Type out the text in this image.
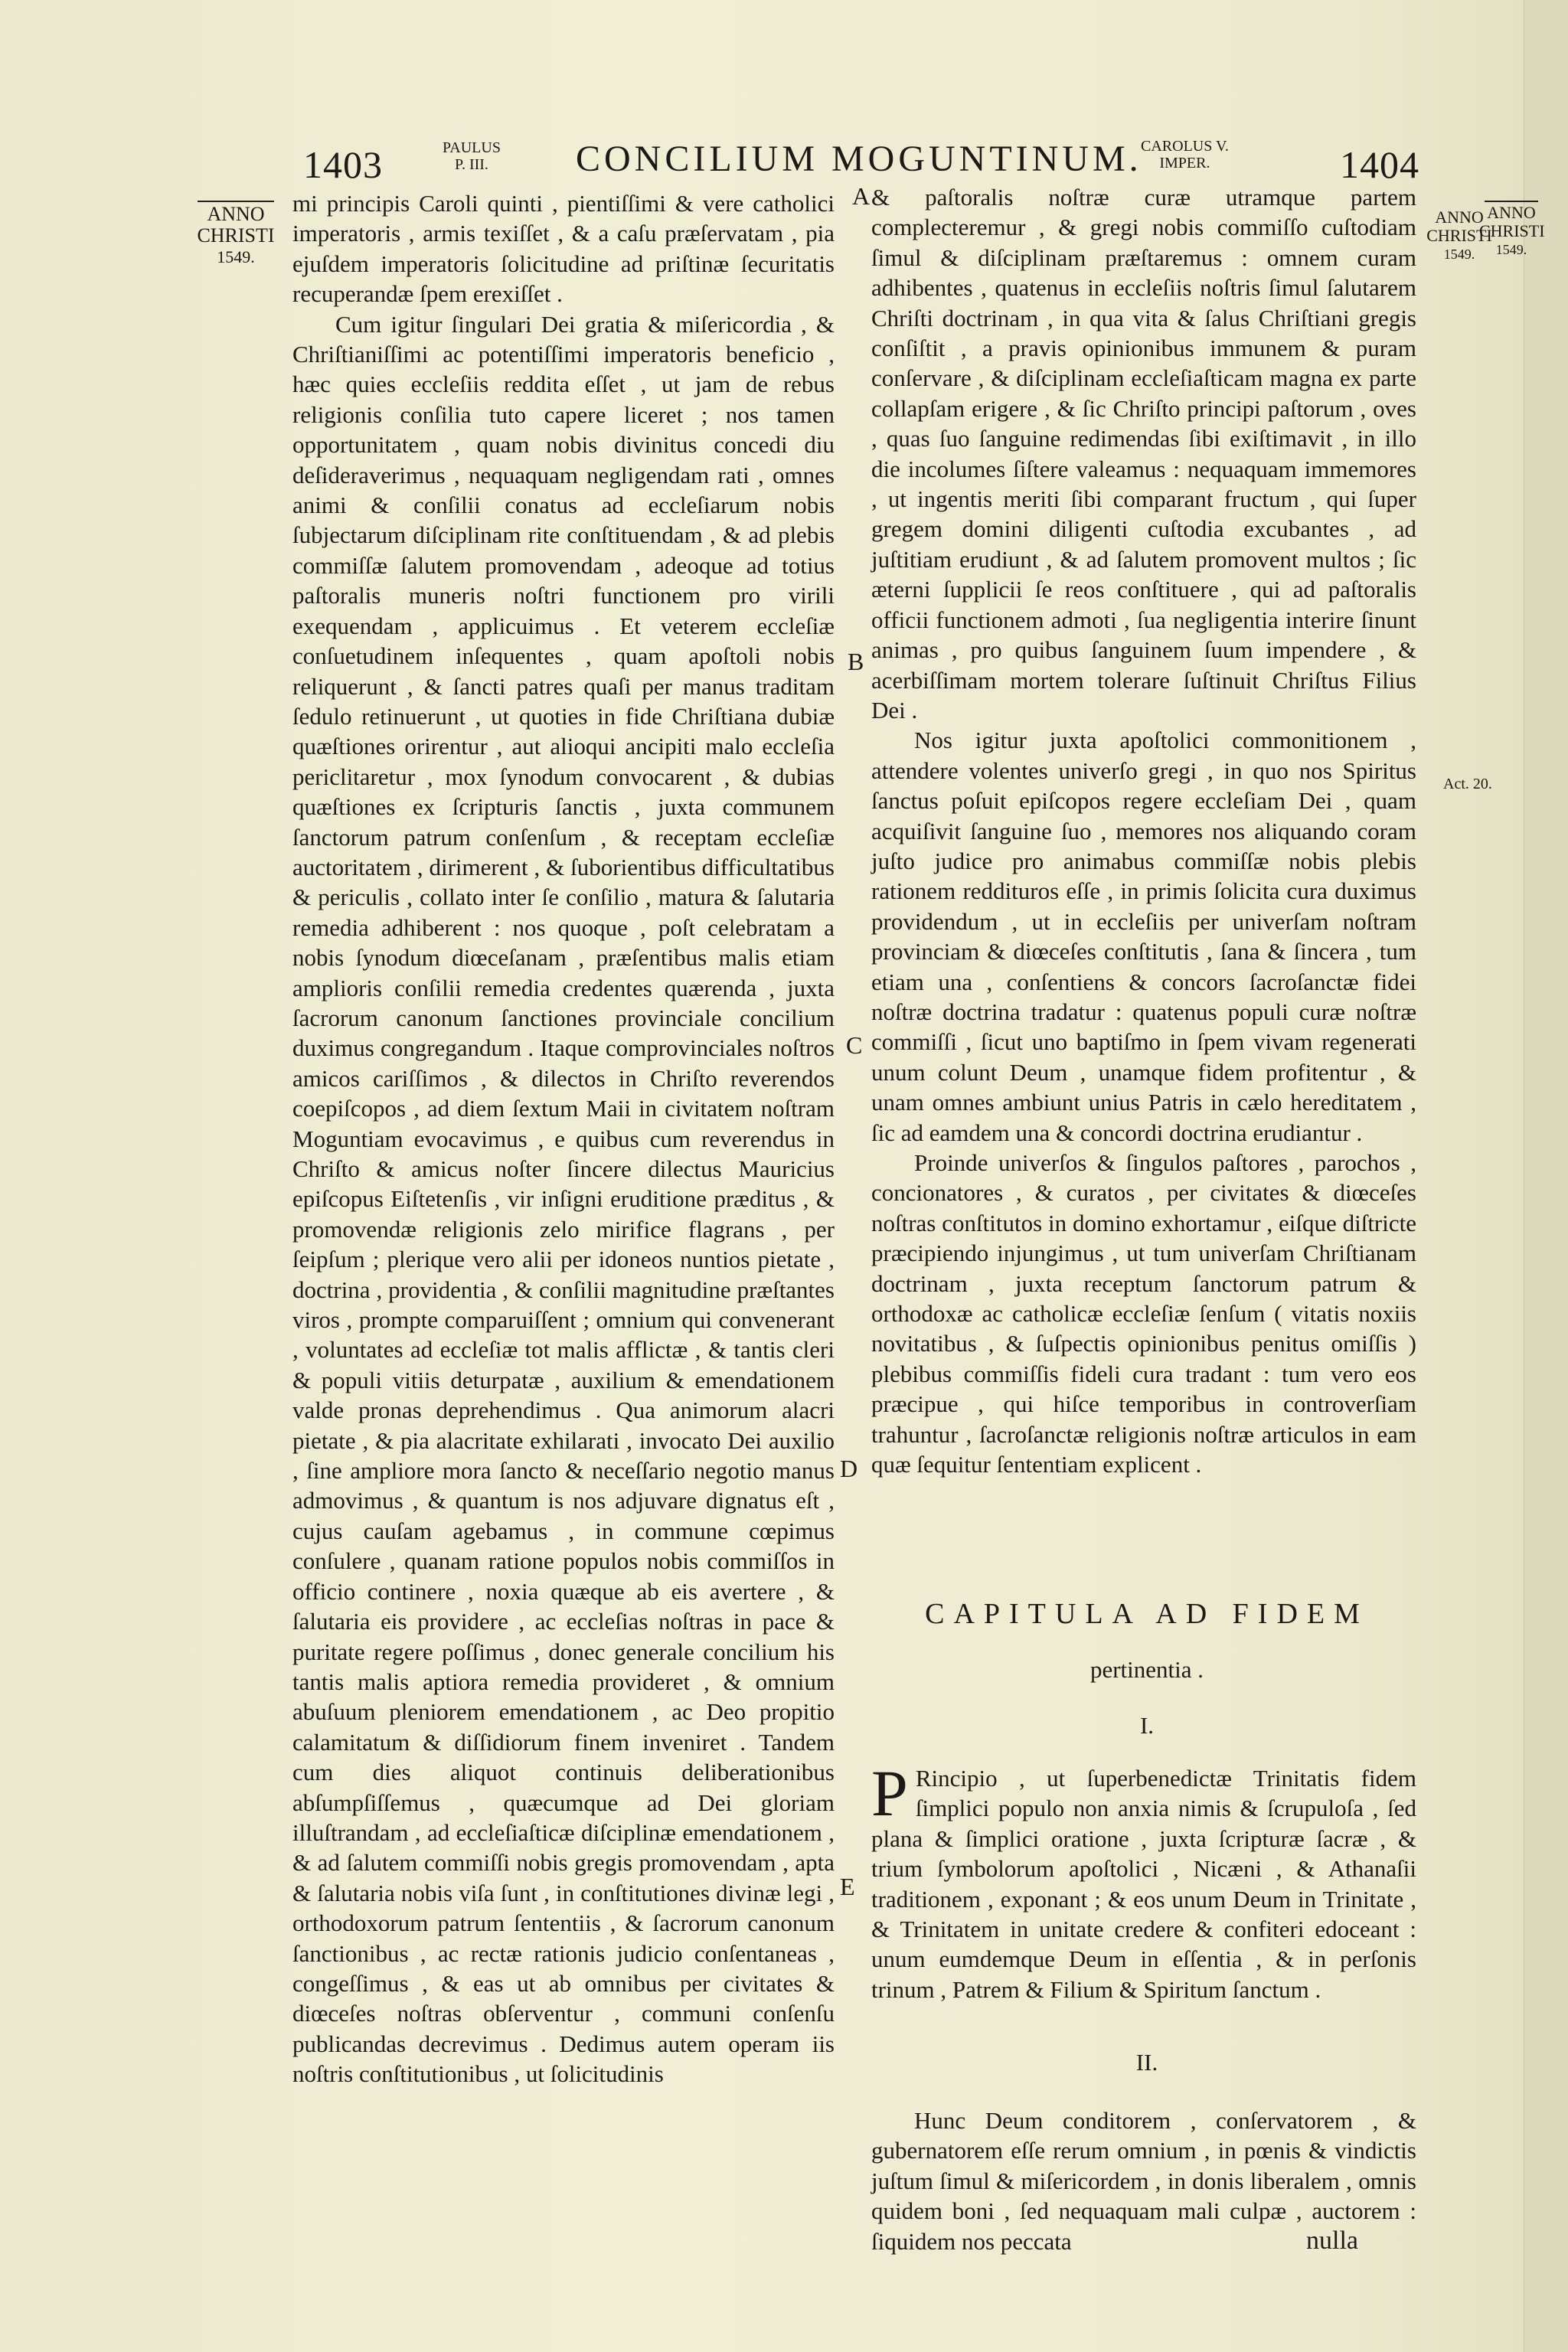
1403	PAULUS
P. III.	CONCILIUM MOGUNTINUM.
CAROLUS V.
IMPER.	1404
ANNO
CHRISTI
1549.
ANNO
CHRISTI
1549.
ANNO
CHRISTI
1549.
Act. 20.
A
B
C
D
E

mi principis Caroli quinti , pientiſſimi & vere catholici imperatoris , armis texiſſet , & a caſu præſervatam , pia ejuſdem imperatoris ſolicitudine ad priſtinæ ſecuritatis recuperandæ ſpem erexiſſet .

Cum igitur ſingulari Dei gratia & miſericordia , & Chriſtianiſſimi ac potentiſſimi imperatoris beneficio , hæc quies eccleſiis reddita eſſet , ut jam de rebus religionis conſilia tuto capere liceret ; nos tamen opportunitatem , quam nobis divinitus concedi diu deſideraverimus , nequaquam negligendam rati , omnes animi & conſilii conatus ad eccleſiarum nobis ſubjectarum diſciplinam rite conſtituendam , & ad plebis commiſſæ ſalutem promovendam , adeoque ad totius paſtoralis muneris noſtri functionem pro virili exequendam , applicuimus . Et veterem eccleſiæ conſuetudinem inſequentes , quam apoſtoli nobis reliquerunt , & ſancti patres quaſi per manus traditam ſedulo retinuerunt , ut quoties in fide Chriſtiana dubiæ quæſtiones orirentur , aut alioqui ancipiti malo eccleſia periclitaretur , mox ſynodum convocarent , & dubias quæſtiones ex ſcripturis ſanctis , juxta communem ſanctorum patrum conſenſum , & receptam eccleſiæ auctoritatem , dirimerent , & ſuborientibus difficultatibus & periculis , collato inter ſe conſilio , matura & ſalutaria remedia adhiberent : nos quoque , poſt celebratam a nobis ſynodum diœceſanam , præſentibus malis etiam amplioris conſilii remedia credentes quærenda , juxta ſacrorum canonum ſanctiones provinciale concilium duximus congregandum . Itaque comprovinciales noſtros amicos cariſſimos , & dilectos in Chriſto reverendos coepiſcopos , ad diem ſextum Maii in civitatem noſtram Moguntiam evocavimus , e quibus cum reverendus in Chriſto & amicus noſter ſincere dilectus Mauricius epiſcopus Eiſtetenſis , vir inſigni eruditione præditus , & promovendæ religionis zelo mirifice flagrans , per ſeipſum ; plerique vero alii per idoneos nuntios pietate , doctrina , providentia , & conſilii magnitudine præſtantes viros , prompte comparuiſſent ; omnium qui convenerant , voluntates ad eccleſiæ tot malis afflictæ , & tantis cleri & populi vitiis deturpatæ , auxilium & emendationem valde pronas deprehendimus . Qua animorum alacri pietate , & pia alacritate exhilarati , invocato Dei auxilio , ſine ampliore mora ſancto & neceſſario negotio manus admovimus , & quantum is nos adjuvare dignatus eſt , cujus cauſam agebamus , in commune cœpimus conſulere , quanam ratione populos nobis commiſſos in officio continere , noxia quæque ab eis avertere , & ſalutaria eis providere , ac eccleſias noſtras in pace & puritate regere poſſimus , donec generale concilium his tantis malis aptiora remedia provideret , & omnium abuſuum pleniorem emendationem , ac Deo propitio calamitatum & diſſidiorum finem inveniret . Tandem cum dies aliquot continuis deliberationibus abſumpſiſſemus , quæcumque ad Dei gloriam illuſtrandam , ad eccleſiaſticæ diſciplinæ emendationem , & ad ſalutem commiſſi nobis gregis promovendam , apta & ſalutaria nobis viſa ſunt , in conſtitutiones divinæ legi , orthodoxorum patrum ſententiis , & ſacrorum canonum ſanctionibus , ac rectæ rationis judicio conſentaneas , congeſſimus , & eas ut ab omnibus per civitates & diœceſes noſtras obſerventur , communi conſenſu publicandas decrevimus . Dedimus autem operam iis noſtris conſtitutionibus , ut ſolicitudinis

& paſtoralis noſtræ curæ utramque partem complecteremur , & gregi nobis commiſſo cuſtodiam ſimul & diſciplinam præſtaremus : omnem curam adhibentes , quatenus in eccleſiis noſtris ſimul ſalutarem Chriſti doctrinam , in qua vita & ſalus Chriſtiani gregis conſiſtit , a pravis opinionibus immunem & puram conſervare , & diſciplinam eccleſiaſticam magna ex parte collapſam erigere , & ſic Chriſto principi paſtorum , oves , quas ſuo ſanguine redimendas ſibi exiſtimavit , in illo die incolumes ſiſtere valeamus : nequaquam immemores , ut ingentis meriti ſibi comparant fructum , qui ſuper gregem domini diligenti cuſtodia excubantes , ad juſtitiam erudiunt , & ad ſalutem promovent multos ; ſic æterni ſupplicii ſe reos conſtituere , qui ad paſtoralis officii functionem admoti , ſua negligentia interire ſinunt animas , pro quibus ſanguinem ſuum impendere , & acerbiſſimam mortem tolerare ſuſtinuit Chriſtus Filius Dei .

Nos igitur juxta apoſtolici commonitionem , attendere volentes univerſo gregi , in quo nos Spiritus ſanctus poſuit epiſcopos regere eccleſiam Dei , quam acquiſivit ſanguine ſuo , memores nos aliquando coram juſto judice pro animabus commiſſæ nobis plebis rationem reddituros eſſe , in primis ſolicita cura duximus providendum , ut in eccleſiis per univerſam noſtram provinciam & diœceſes conſtitutis , ſana & ſincera , tum etiam una , conſentiens & concors ſacroſanctæ fidei noſtræ doctrina tradatur : quatenus populi curæ noſtræ commiſſi , ſicut uno baptiſmo in ſpem vivam regenerati unum colunt Deum , unamque fidem profitentur , & unam omnes ambiunt unius Patris in cælo hereditatem , ſic ad eamdem una & concordi doctrina erudiantur .

Proinde univerſos & ſingulos paſtores , parochos , concionatores , & curatos , per civitates & diœceſes noſtras conſtitutos in domino exhortamur , eiſque diſtricte præcipiendo injungimus , ut tum univerſam Chriſtianam doctrinam , juxta receptum ſanctorum patrum & orthodoxæ ac catholicæ eccleſiæ ſenſum ( vitatis noxiis novitatibus , & ſuſpectis opinionibus penitus omiſſis ) plebibus commiſſis fideli cura tradant : tum vero eos præcipue , qui hiſce temporibus in controverſiam trahuntur , ſacroſanctæ religionis noſtræ articulos in eam quæ ſequitur ſententiam explicent .

CAPITULA AD FIDEM
pertinentia .
I.
P Rincipio , ut ſuperbenedictæ Trinitatis fidem ſimplici populo non anxia nimis & ſcrupuloſa , ſed plana & ſimplici oratione , juxta ſcripturæ ſacræ , & trium ſymbolorum apoſtolici , Nicæni , & Athanaſii traditionem , exponant ; & eos unum Deum in Trinitate , & Trinitatem in unitate credere & confiteri edoceant : unum eumdemque Deum in eſſentia , & in perſonis trinum , Patrem & Filium & Spiritum ſanctum .
II.

Hunc Deum conditorem , conſervatorem , & gubernatorem eſſe rerum omnium , in pœnis & vindictis juſtum ſimul & miſericordem , in donis liberalem , omnis quidem boni , ſed nequaquam mali culpæ , auctorem : ſiquidem nos peccata	nulla
